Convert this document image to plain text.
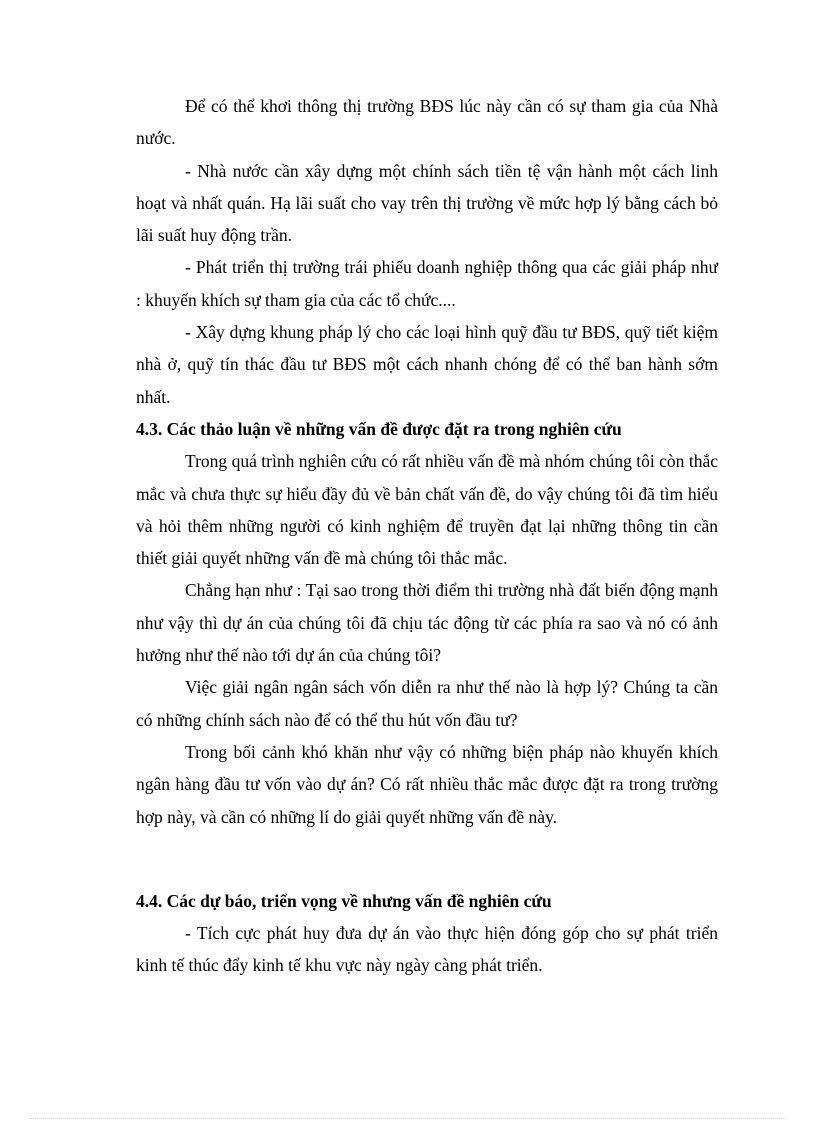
Để có thể khơi thông thị trường BĐS lúc này cần có sự tham gia của Nhà nước.

- Nhà nước cần xây dựng một chính sách tiền tệ vận hành một cách linh hoạt và nhất quán. Hạ lãi suất cho vay trên thị trường về mức hợp lý bằng cách bỏ lãi suất huy động trần.

- Phát triển thị trường trái phiếu doanh nghiệp thông qua các giải pháp như : khuyến khích sự tham gia của các tổ chức....

- Xây dựng khung pháp lý cho các loại hình quỹ đầu tư BĐS, quỹ tiết kiệm nhà ở, quỹ tín thác đầu tư BĐS một cách nhanh chóng để có thể ban hành sớm nhất.

4.3. Các thảo luận về những vấn đề được đặt ra trong nghiên cứu

Trong quá trình nghiên cứu có rất nhiều vấn đề mà nhóm chúng tôi còn thắc mắc và chưa thực sự hiểu đầy đủ về bản chất vấn đề, do vậy chúng tôi đã tìm hiểu và hỏi thêm những người có kinh nghiệm để truyền đạt lại những thông tin cần thiết giải quyết những vấn đề mà chúng tôi thắc mắc.

Chẳng hạn như : Tại sao trong thời điểm thi trường nhà đất biến động mạnh như vậy thì dự án của chúng tôi đã chịu tác động từ các phía ra sao và nó có ảnh hưởng như thế nào tới dự án của chúng tôi?

Việc giải ngân ngân sách vốn diễn ra như thế nào là hợp lý? Chúng ta cần có những chính sách nào để có thể thu hút vốn đầu tư?

Trong bối cảnh khó khăn như vậy có những biện pháp nào khuyến khích ngân hàng đầu tư vốn vào dự án? Có rất nhiều thắc mắc được đặt ra trong trường hợp này, và cần có những lí do giải quyết những vấn đề này.

4.4. Các dự báo, triển vọng về nhưng vấn đề nghiên cứu

- Tích cực phát huy đưa dự án vào thực hiện đóng góp cho sự phát triển kinh tế thúc đẩy kinh tế khu vực này ngày càng phát triển.
